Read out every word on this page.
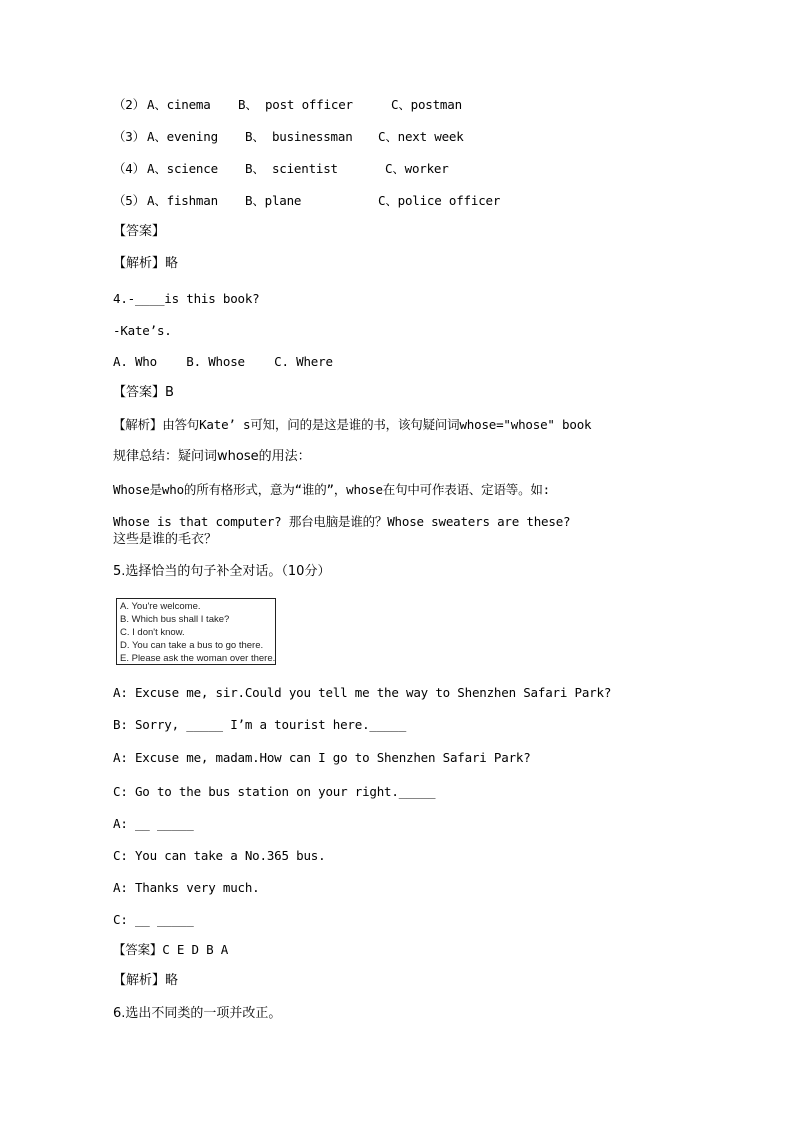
（2）

A、cinema

B、 post officer

	C、postman

（3）

A、evening

B、 businessman

C、next week

（4）

A、science

B、 scientist

	C、worker

（5）

A、fishman

B、plane

	C、police officer

【答案】
【解析】略
4.-____is this book?
-Kate’s.
A. Who    B. Whose    C. Where
【答案】B
【解析】由答句Kate’ s可知，问的是这是谁的书，该句疑问词whose="whose" book
规律总结：疑问词whose的用法：
Whose是who的所有格形式，意为“谁的”，whose在句中可作表语、定语等。如:
Whose is that computer? 那台电脑是谁的？Whose sweaters are these?
这些是谁的毛衣？
5.选择恰当的句子补全对话。（10分）
A. You're welcome.
B. Which bus shall I take?
C. I don't know.
D. You can take a bus to go there.
E. Please ask the woman over there.
A: Excuse me, sir.Could you tell me the way to Shenzhen Safari Park?
B: Sorry, _____ I’m a tourist here._____
A: Excuse me, madam.How can I go to Shenzhen Safari Park?
C: Go to the bus station on your right._____
A: __ _____
C: You can take a No.365 bus.
A: Thanks very much.
C: __ _____
【答案】C E D B A
【解析】略
6.选出不同类的一项并改正。
